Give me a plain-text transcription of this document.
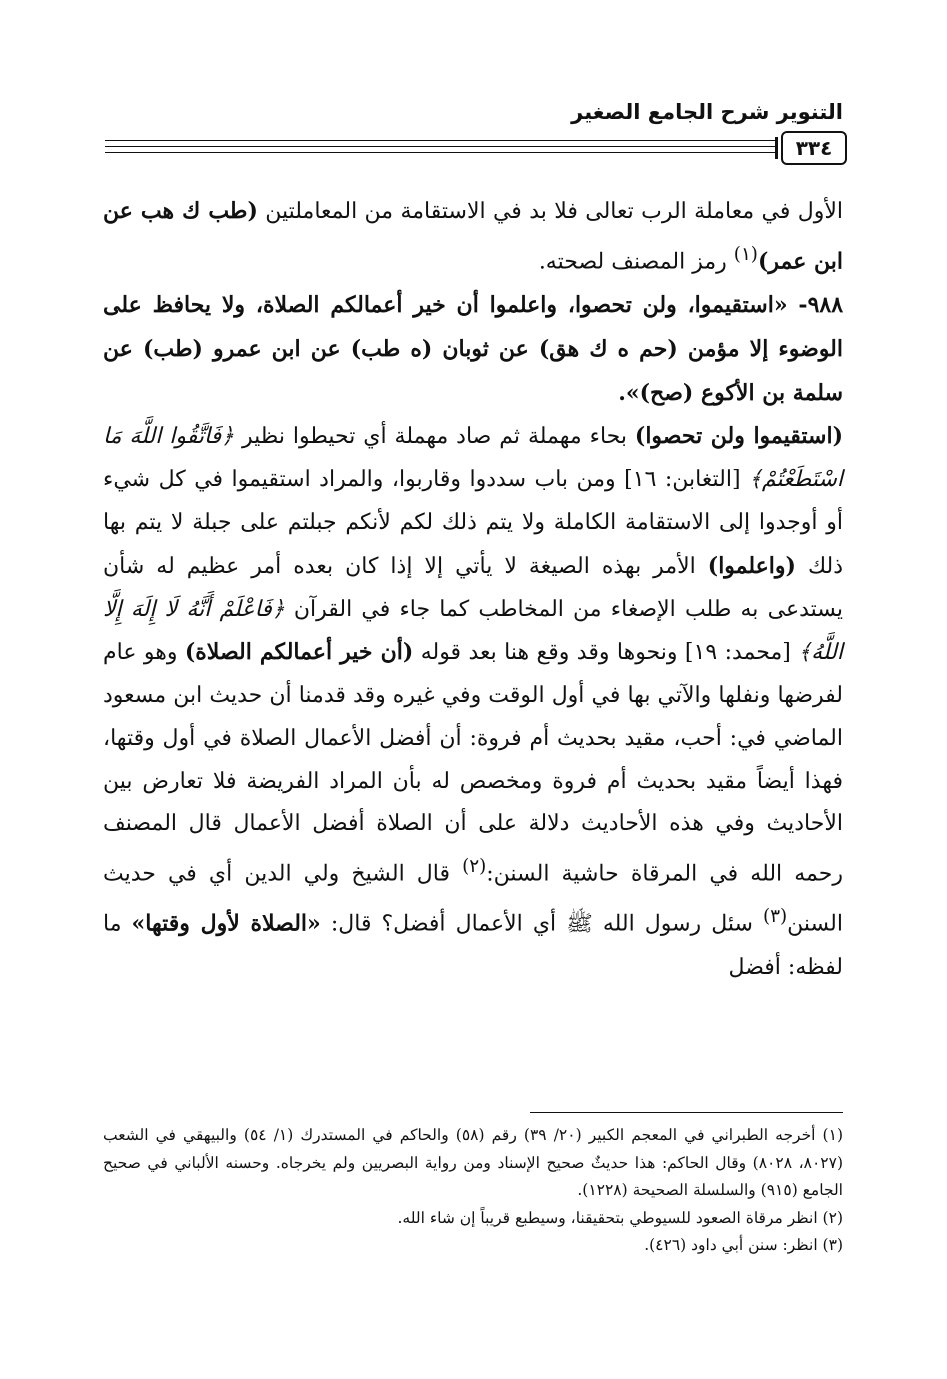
التنوير شرح الجامع الصغير
٣٣٤

الأول في معاملة الرب تعالى فلا بد في الاستقامة من المعاملتين (طب ك هب عن ابن عمر)$^{(١)}$ رمز المصنف لصحته.

٩٨٨- «استقيموا، ولن تحصوا، واعلموا أن خير أعمالكم الصلاة، ولا يحافظ على الوضوء إلا مؤمن (حم ه ك هق) عن ثوبان (ه طب) عن ابن عمرو (طب) عن سلمة بن الأكوع (صح)».

(استقيموا ولن تحصوا) بحاء مهملة ثم صاد مهملة أي تحيطوا نظير ﴿فَاتَّقُوا اللَّهَ مَا اسْتَطَعْتُمْ﴾ [التغابن: ١٦] ومن باب سددوا وقاربوا، والمراد استقيموا في كل شيء أو أوجدوا إلى الاستقامة الكاملة ولا يتم ذلك لكم لأنكم جبلتم على جبلة لا يتم بها ذلك (واعلموا) الأمر بهذه الصيغة لا يأتي إلا إذا كان بعده أمر عظيم له شأن يستدعى به طلب الإصغاء من المخاطب كما جاء في القرآن ﴿فَاعْلَمْ أَنَّهُ لَا إِلَهَ إِلَّا اللَّهُ﴾ [محمد: ١٩] ونحوها وقد وقع هنا بعد قوله (أن خير أعمالكم الصلاة) وهو عام لفرضها ونفلها والآتي بها في أول الوقت وفي غيره وقد قدمنا أن حديث ابن مسعود الماضي في: أحب، مقيد بحديث أم فروة: أن أفضل الأعمال الصلاة في أول وقتها، فهذا أيضاً مقيد بحديث أم فروة ومخصص له بأن المراد الفريضة فلا تعارض بين الأحاديث وفي هذه الأحاديث دلالة على أن الصلاة أفضل الأعمال قال المصنف رحمه الله في المرقاة حاشية السنن:$^{(٢)}$ قال الشيخ ولي الدين أي في حديث السنن$^{(٣)}$ سئل رسول الله ﷺ أي الأعمال أفضل؟ قال: «الصلاة لأول وقتها» ما لفظه: أفضل

(١) أخرجه الطبراني في المعجم الكبير (٢٠/ ٣٩) رقم (٥٨) والحاكم في المستدرك (١/ ٥٤) والبيهقي في الشعب (٨٠٢٧، ٨٠٢٨) وقال الحاكم: هذا حديثٌ صحيح الإسناد ومن رواية البصريين ولم يخرجاه. وحسنه الألباني في صحيح الجامع (٩١٥) والسلسلة الصحيحة (١٢٢٨).

(٢) انظر مرقاة الصعود للسيوطي بتحقيقنا، وسيطبع قريباً إن شاء الله.

(٣) انظر: سنن أبي داود (٤٢٦).
